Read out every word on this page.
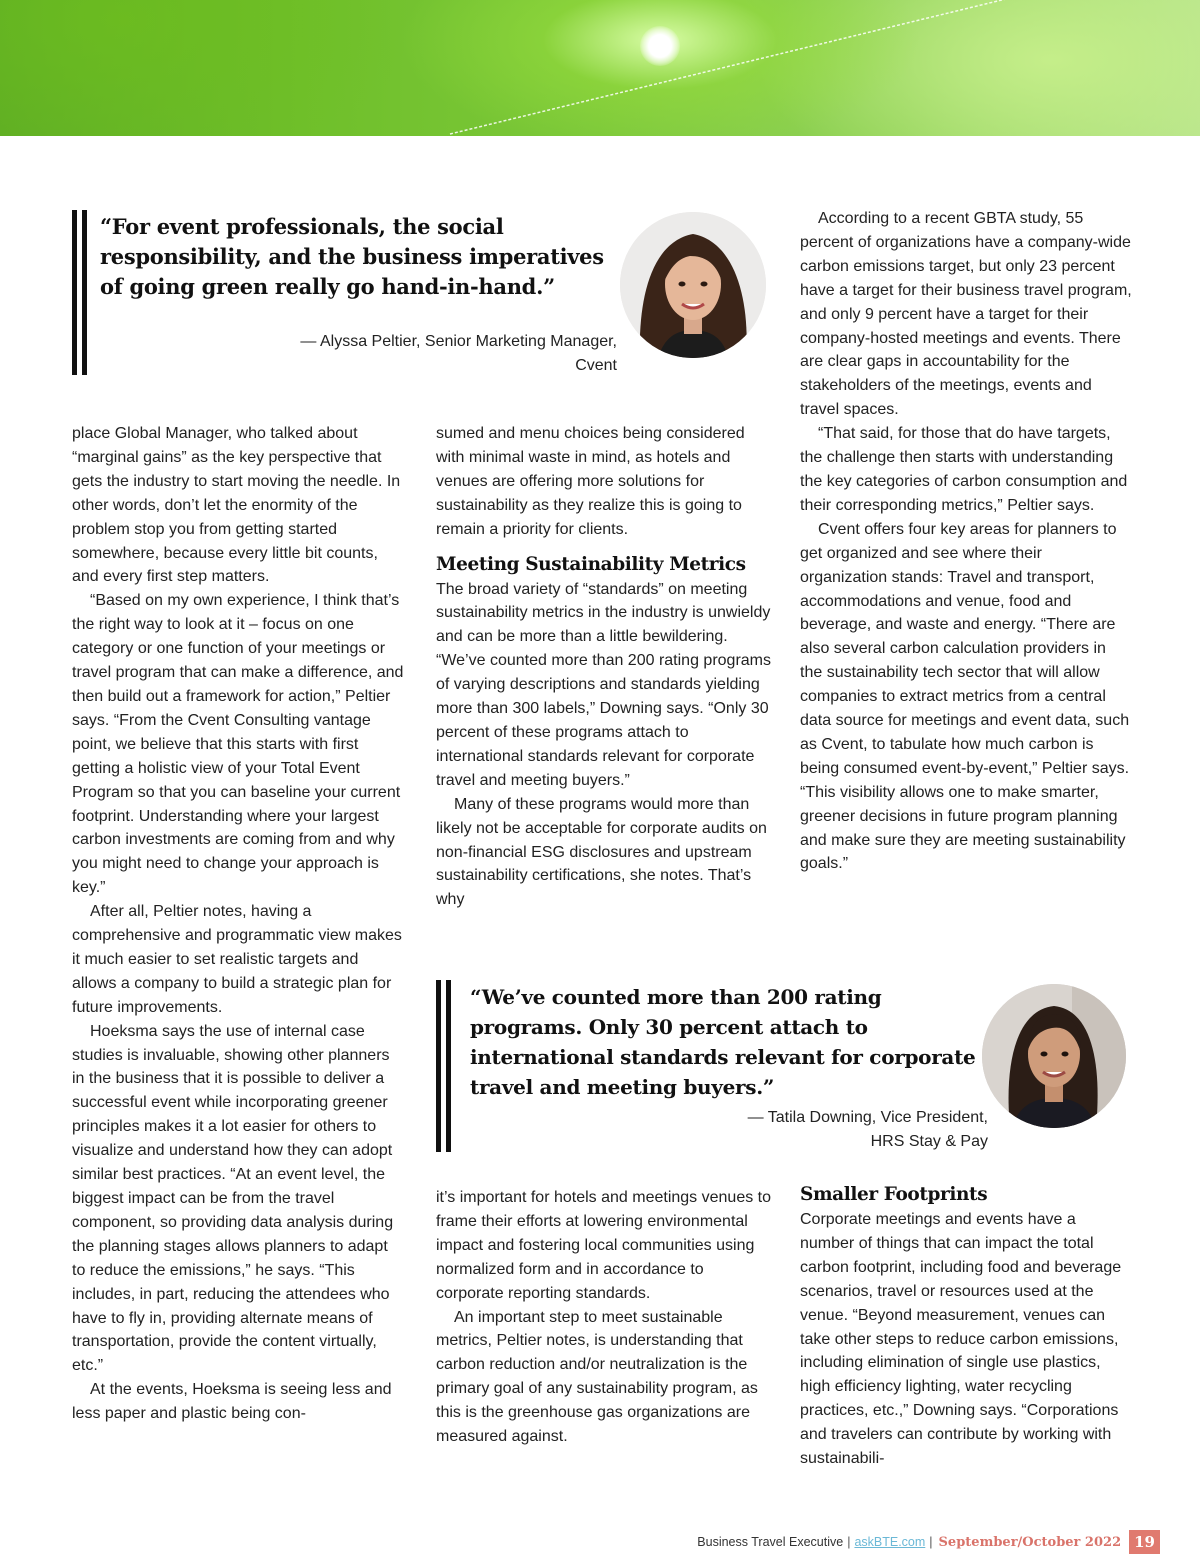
“For event professionals, the social responsibility, and the business imperatives of going green really go hand-in-hand.”
— Alyssa Peltier, Senior Marketing Manager,
Cvent
“We’ve counted more than 200 rating programs. Only 30 percent attach to international standards relevant for corporate travel and meeting buyers.”
— Tatila Downing, Vice President,
HRS Stay & Pay

place Global Manager, who talked about “marginal gains” as the key perspective that gets the industry to start moving the needle. In other words, don’t let the enormity of the problem stop you from getting started somewhere, because every little bit counts, and every first step matters.

“Based on my own experience, I think that’s the right way to look at it – focus on one category or one function of your meetings or travel program that can make a difference, and then build out a framework for action,” Peltier says. “From the Cvent Consulting vantage point, we believe that this starts with first getting a holistic view of your Total Event Program so that you can baseline your current footprint. Understanding where your largest carbon investments are coming from and why you might need to change your approach is key.”

After all, Peltier notes, having a comprehensive and programmatic view makes it much easier to set realistic targets and allows a company to build a strategic plan for future improvements.

Hoeksma says the use of internal case studies is invaluable, showing other planners in the business that it is possible to deliver a successful event while incorporating greener principles makes it a lot easier for others to visualize and understand how they can adopt similar best practices. “At an event level, the biggest impact can be from the travel component, so providing data analysis during the planning stages allows planners to adapt to reduce the emissions,” he says. “This includes, in part, reducing the attendees who have to fly in, providing alternate means of transportation, provide the content virtually, etc.”

At the events, Hoeksma is seeing less and less paper and plastic being con-

sumed and menu choices being considered with minimal waste in mind, as hotels and venues are offering more solutions for sustainability as they realize this is going to remain a priority for clients.

Meeting Sustainability Metrics

The broad variety of “standards” on meeting sustainability metrics in the industry is unwieldy and can be more than a little bewildering. “We’ve counted more than 200 rating programs of varying descriptions and standards yielding more than 300 labels,” Downing says. “Only 30 percent of these programs attach to international standards relevant for corporate travel and meeting buyers.”

Many of these programs would more than likely not be acceptable for corporate audits on non-financial ESG disclosures and upstream sustainability certifications, she notes. That’s why

it’s important for hotels and meetings venues to frame their efforts at lowering environmental impact and fostering local communities using normalized form and in accordance to corporate reporting standards.

An important step to meet sustainable metrics, Peltier notes, is understanding that carbon reduction and/or neutralization is the primary goal of any sustainability program, as this is the greenhouse gas organizations are measured against.

According to a recent GBTA study, 55 percent of organizations have a company-wide carbon emissions target, but only 23 percent have a target for their business travel program, and only 9 percent have a target for their company-hosted meetings and events. There are clear gaps in accountability for the stakeholders of the meetings, events and travel spaces.

“That said, for those that do have targets, the challenge then starts with understanding the key categories of carbon consumption and their corresponding metrics,” Peltier says.

Cvent offers four key areas for planners to get organized and see where their organization stands: Travel and transport, accommodations and venue, food and beverage, and waste and energy. “There are also several carbon calculation providers in the sustainability tech sector that will allow companies to extract metrics from a central data source for meetings and event data, such as Cvent, to tabulate how much carbon is being consumed event-by-event,” Peltier says. “This visibility allows one to make smarter, greener decisions in future program planning and make sure they are meeting sustainability goals.”

Smaller Footprints

Corporate meetings and events have a number of things that can impact the total carbon footprint, including food and beverage scenarios, travel or resources used at the venue. “Beyond measurement, venues can take other steps to reduce carbon emissions, including elimination of single use plastics, high efficiency lighting, water recycling practices, etc.,” Downing says. “Corporations and travelers can contribute by working with sustainabili-

Business Travel Executive | askBTE.com | September/October 2022 19
